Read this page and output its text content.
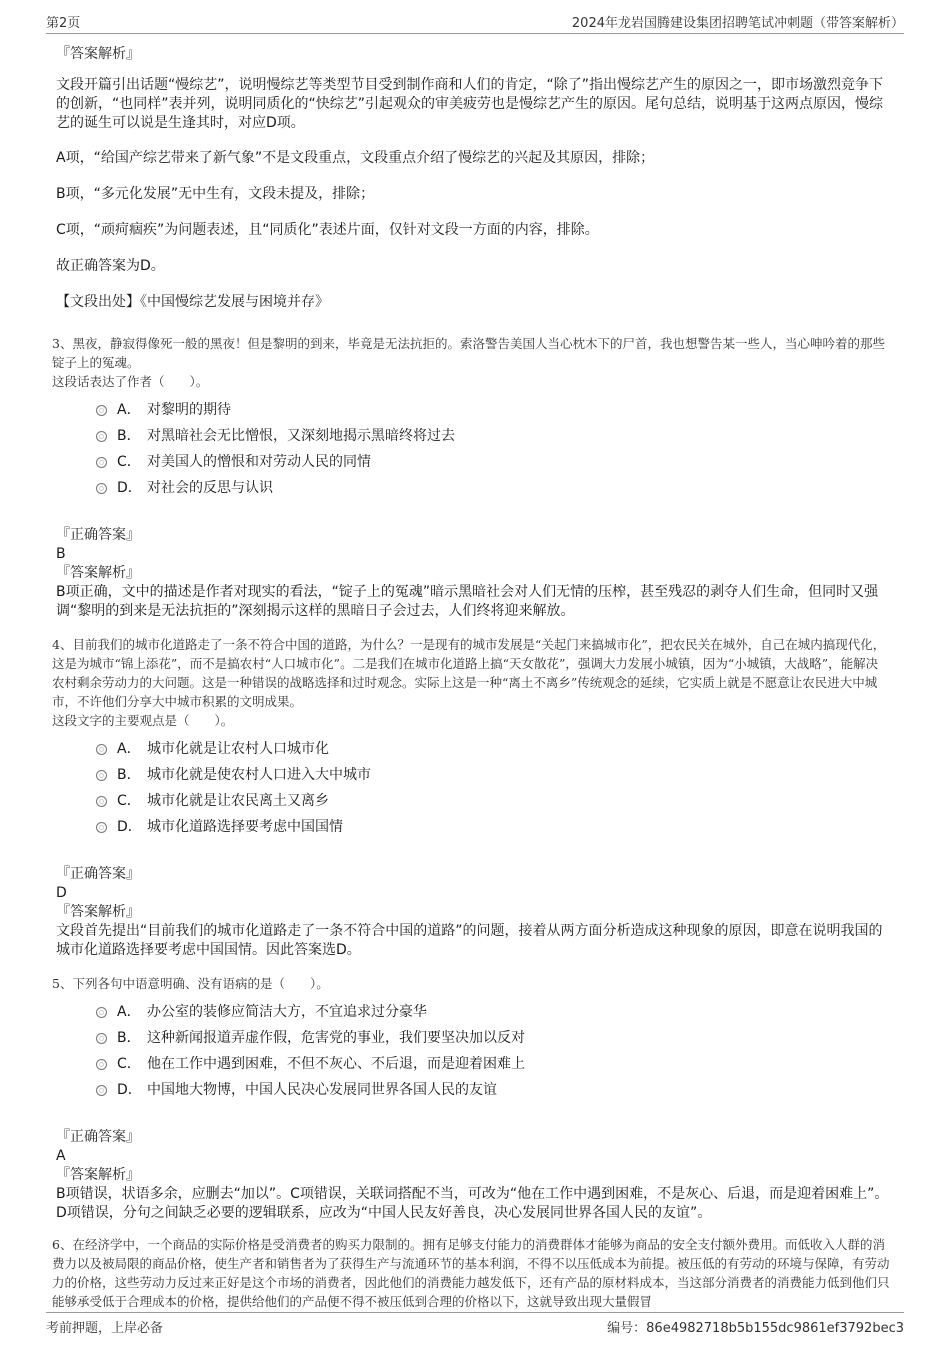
第2页	2024年龙岩国腾建设集团招聘笔试冲刺题（带答案解析）
『答案解析』
文段开篇引出话题“慢综艺”，说明慢综艺等类型节目受到制作商和人们的肯定，“除了”指出慢综艺产生的原因之一，即市场激烈竞争下的创新，“也同样”表并列，说明同质化的“快综艺”引起观众的审美疲劳也是慢综艺产生的原因。尾句总结，说明基于这两点原因，慢综艺的诞生可以说是生逢其时，对应D项。
A项，“给国产综艺带来了新气象”不是文段重点，文段重点介绍了慢综艺的兴起及其原因，排除；
B项，“多元化发展”无中生有，文段未提及，排除；
C项，“顽疴痼疾”为问题表述，且“同质化”表述片面，仅针对文段一方面的内容，排除。
故正确答案为D。
【文段出处】《中国慢综艺发展与困境并存》
3、黑夜，静寂得像死一般的黑夜！但是黎明的到来，毕竟是无法抗拒的。索洛警告美国人当心枕木下的尸首，我也想警告某一些人，当心呻吟着的那些锭子上的冤魂。
这段话表达了作者（　　）。
A． 对黎明的期待
B． 对黑暗社会无比憎恨，又深刻地揭示黑暗终将过去
C． 对美国人的憎恨和对劳动人民的同情
D． 对社会的反思与认识
『正确答案』
B
『答案解析』
B项正确，文中的描述是作者对现实的看法，“锭子上的冤魂”暗示黑暗社会对人们无情的压榨，甚至残忍的剥夺人们生命，但同时又强调“黎明的到来是无法抗拒的”深刻揭示这样的黑暗日子会过去，人们终将迎来解放。
4、目前我们的城市化道路走了一条不符合中国的道路，为什么？一是现有的城市发展是“关起门来搞城市化”，把农民关在城外，自己在城内搞现代化，这是为城市“锦上添花”，而不是搞农村“人口城市化”。二是我们在城市化道路上搞“天女散花”，强调大力发展小城镇，因为“小城镇，大战略”，能解决农村剩余劳动力的大问题。这是一种错误的战略选择和过时观念。实际上这是一种“离土不离乡”传统观念的延续，它实质上就是不愿意让农民进大中城市，不许他们分享大中城市积累的文明成果。
这段文字的主要观点是（　　）。
A． 城市化就是让农村人口城市化
B． 城市化就是使农村人口进入大中城市
C． 城市化就是让农民离土又离乡
D． 城市化道路选择要考虑中国国情
『正确答案』
D
『答案解析』
文段首先提出“目前我们的城市化道路走了一条不符合中国的道路”的问题，接着从两方面分析造成这种现象的原因，即意在说明我国的城市化道路选择要考虑中国国情。因此答案选D。
5、下列各句中语意明确、没有语病的是（　　）。
A． 办公室的装修应简洁大方，不宜追求过分豪华
B． 这种新闻报道弄虚作假，危害党的事业，我们要坚决加以反对
C． 他在工作中遇到困难，不但不灰心、不后退，而是迎着困难上
D． 中国地大物博，中国人民决心发展同世界各国人民的友谊
『正确答案』
A
『答案解析』
B项错误，状语多余，应删去“加以”。C项错误，关联词搭配不当，可改为“他在工作中遇到困难，不是灰心、后退，而是迎着困难上”。D项错误，分句之间缺乏必要的逻辑联系，应改为“中国人民友好善良，决心发展同世界各国人民的友谊”。
6、在经济学中，一个商品的实际价格是受消费者的购买力限制的。拥有足够支付能力的消费群体才能够为商品的安全支付额外费用。而低收入人群的消费力以及被局限的商品价格，使生产者和销售者为了获得生产与流通环节的基本利润，不得不以压低成本为前提。被压低的有劳动的环境与保障，有劳动力的价格，这些劳动力反过来正好是这个市场的消费者，因此他们的消费能力越发低下，还有产品的原材料成本，当这部分消费者的消费能力低到他们只能够承受低于合理成本的价格，提供给他们的产品便不得不被压低到合理的价格以下，这就导致出现大量假冒
考前押题，上岸必备	编号：86e4982718b5b155dc9861ef3792bec3
